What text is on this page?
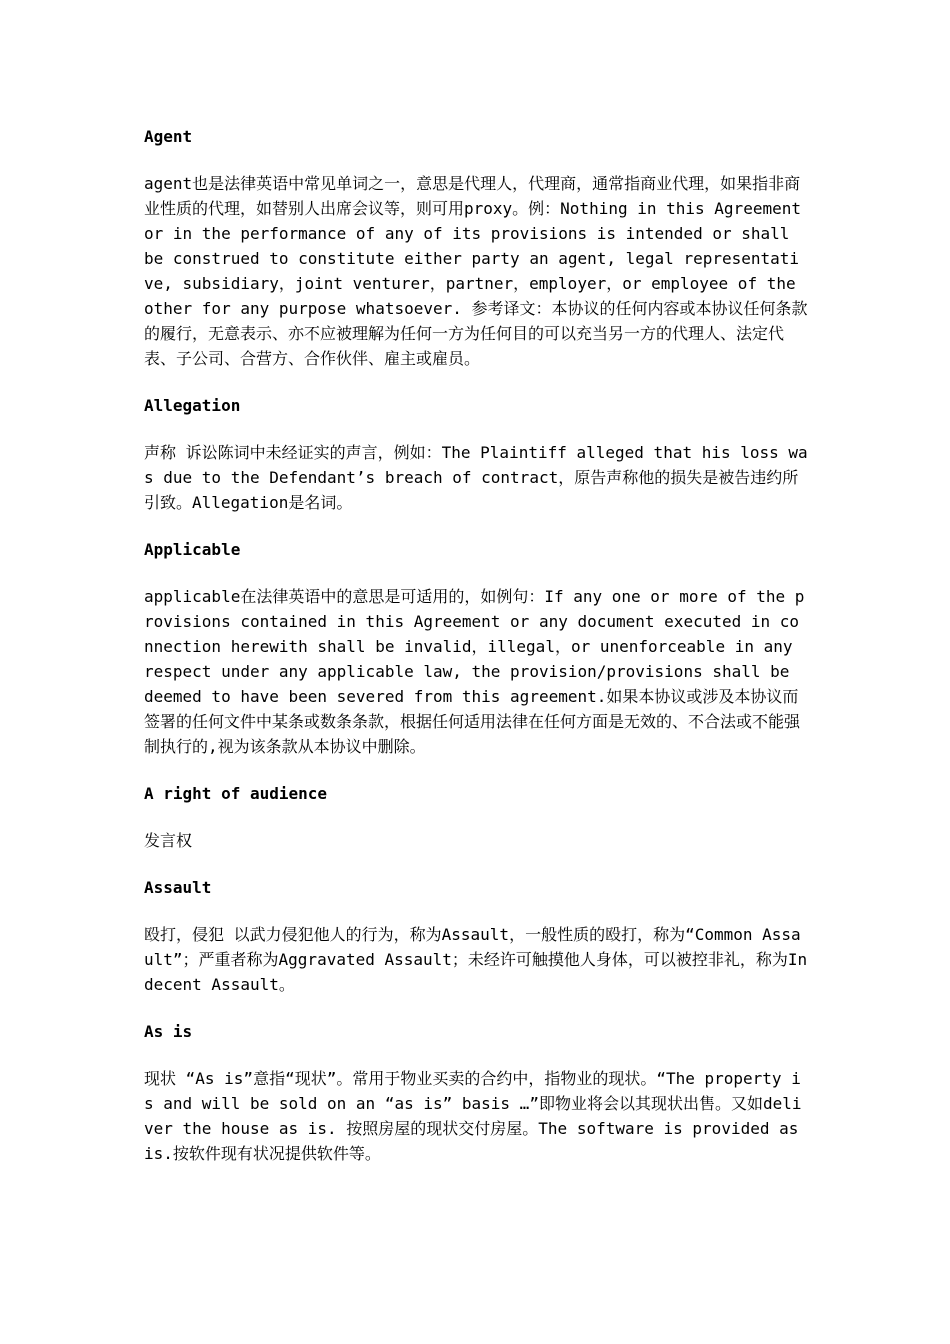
Agent

agent也是法律英语中常见单词之一，意思是代理人，代理商，通常指商业代理，如果指非商业性质的代理，如替别人出席会议等，则可用proxy。例：Nothing in this Agreement or in the performance of any of its provisions is intended or shall be construed to constitute either party an agent, legal representative, subsidiary，joint venturer，partner，employer，or employee of the other for any purpose whatsoever. 参考译文：本协议的任何内容或本协议任何条款的履行，无意表示、亦不应被理解为任何一方为任何目的可以充当另一方的代理人、法定代表、子公司、合营方、合作伙伴、雇主或雇员。

Allegation

声称 诉讼陈词中未经证实的声言，例如：The Plaintiff alleged that his loss was due to the Defendant’s breach of contract，原告声称他的损失是被告违约所引致。Allegation是名词。

Applicable

applicable在法律英语中的意思是可适用的，如例句：If any one or more of the provisions contained in this Agreement or any document executed in connection herewith shall be invalid，illegal，or unenforceable in any respect under any applicable law, the provision/provisions shall be deemed to have been severed from this agreement.如果本协议或涉及本协议而签署的任何文件中某条或数条条款，根据任何适用法律在任何方面是无效的、不合法或不能强制执行的,视为该条款从本协议中删除。

A right of audience

发言权

Assault

殴打，侵犯 以武力侵犯他人的行为，称为Assault，一般性质的殴打，称为“Common Assault”；严重者称为Aggravated Assault；未经许可触摸他人身体，可以被控非礼，称为Indecent Assault。

As is

现状 “As is”意指“现状”。常用于物业买卖的合约中，指物业的现状。“The property is and will be sold on an “as is” basis …”即物业将会以其现状出售。又如deliver the house as is. 按照房屋的现状交付房屋。The software is provided as is.按软件现有状况提供软件等。
